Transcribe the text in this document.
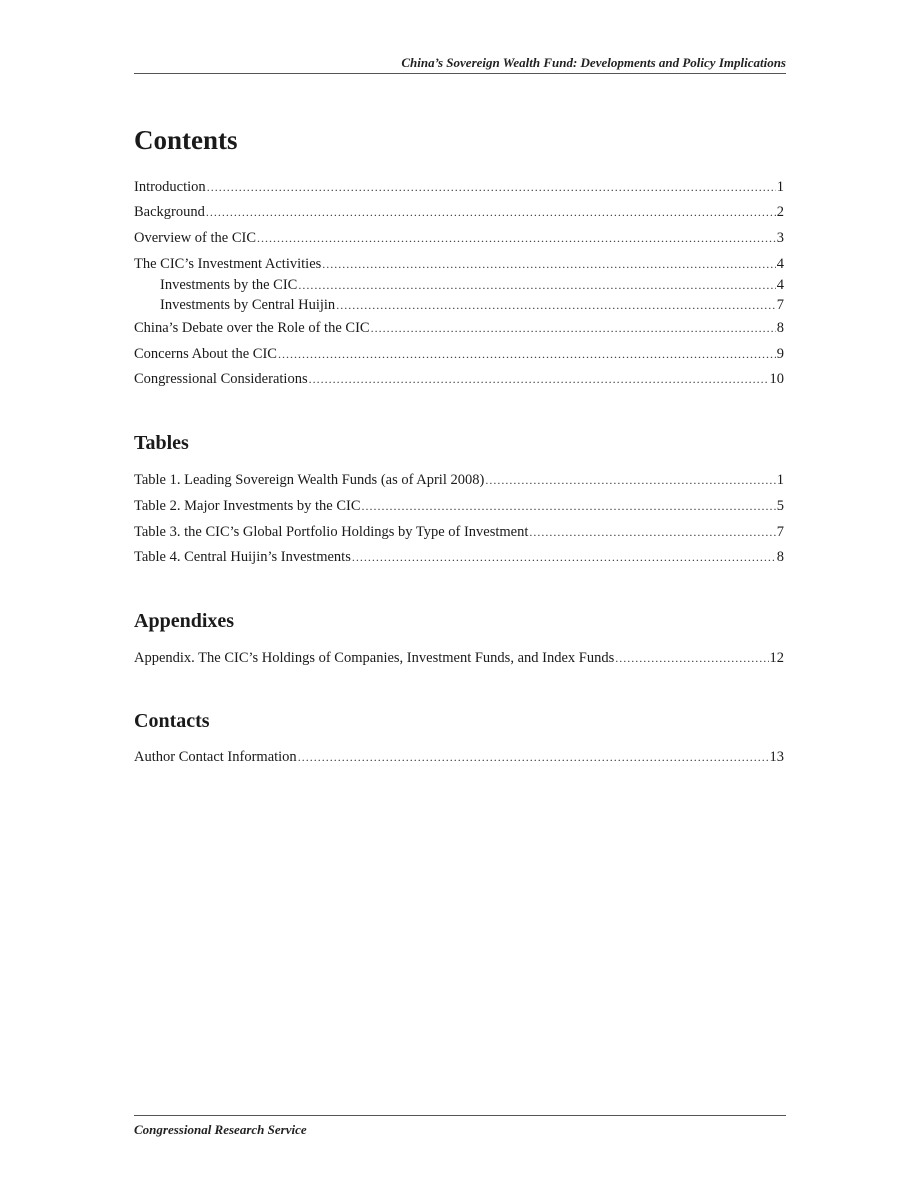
China’s Sovereign Wealth Fund: Developments and Policy Implications
Contents
Introduction .....	1
Background .....	2
Overview of the CIC .....	3
The CIC’s Investment Activities .....	4
Investments by the CIC .....	4
Investments by Central Huijin .....	7
China’s Debate over the Role of the CIC .....	8
Concerns About the CIC .....	9
Congressional Considerations .....	10
Tables
Table 1. Leading Sovereign Wealth Funds (as of April 2008) .....	1
Table 2. Major Investments by the CIC .....	5
Table 3. the CIC’s Global Portfolio Holdings by Type of Investment .....	7
Table 4. Central Huijin’s Investments .....	8
Appendixes
Appendix. The CIC’s Holdings of Companies, Investment Funds, and Index Funds .....	12
Contacts
Author Contact Information .....	13
Congressional Research Service
